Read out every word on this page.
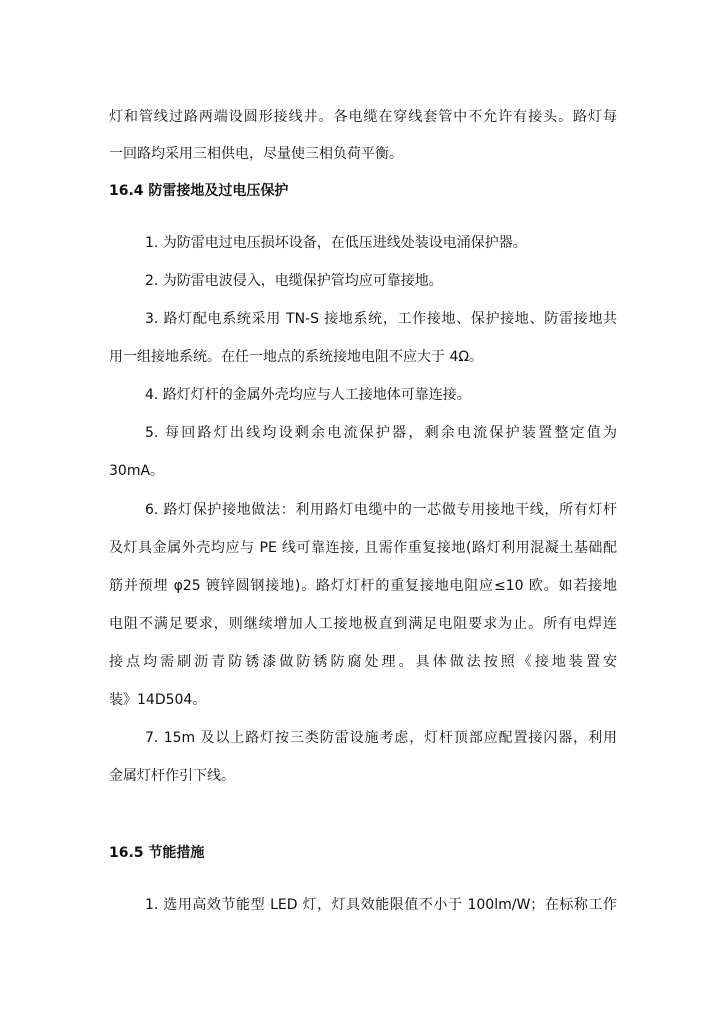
灯和管线过路两端设圆形接线井。各电缆在穿线套管中不允许有接头。路灯每
一回路均采用三相供电，尽量使三相负荷平衡。
16.4 防雷接地及过电压保护
1. 为防雷电过电压损坏设备，在低压进线处装设电涌保护器。
2. 为防雷电波侵入，电缆保护管均应可靠接地。
3. 路灯配电系统采用 TN-S 接地系统，工作接地、保护接地、防雷接地共
用一组接地系统。在任一地点的系统接地电阻不应大于 4Ω。
4. 路灯灯杆的金属外壳均应与人工接地体可靠连接。
5. 每回路灯出线均设剩余电流保护器，剩余电流保护装置整定值为
30mA。
6. 路灯保护接地做法：利用路灯电缆中的一芯做专用接地干线，所有灯杆
及灯具金属外壳均应与 PE 线可靠连接, 且需作重复接地(路灯利用混凝土基础配
筋并预埋 φ25 镀锌圆钢接地)。路灯灯杆的重复接地电阻应≤10 欧。如若接地
电阻不满足要求，则继续增加人工接地极直到满足电阻要求为止。所有电焊连
接点均需刷沥青防锈漆做防锈防腐处理。具体做法按照《接地装置安
装》14D504。
7. 15m 及以上路灯按三类防雷设施考虑，灯杆顶部应配置接闪器，利用
金属灯杆作引下线。
16.5 节能措施
1. 选用高效节能型 LED 灯，灯具效能限值不小于 100lm/W；在标称工作
